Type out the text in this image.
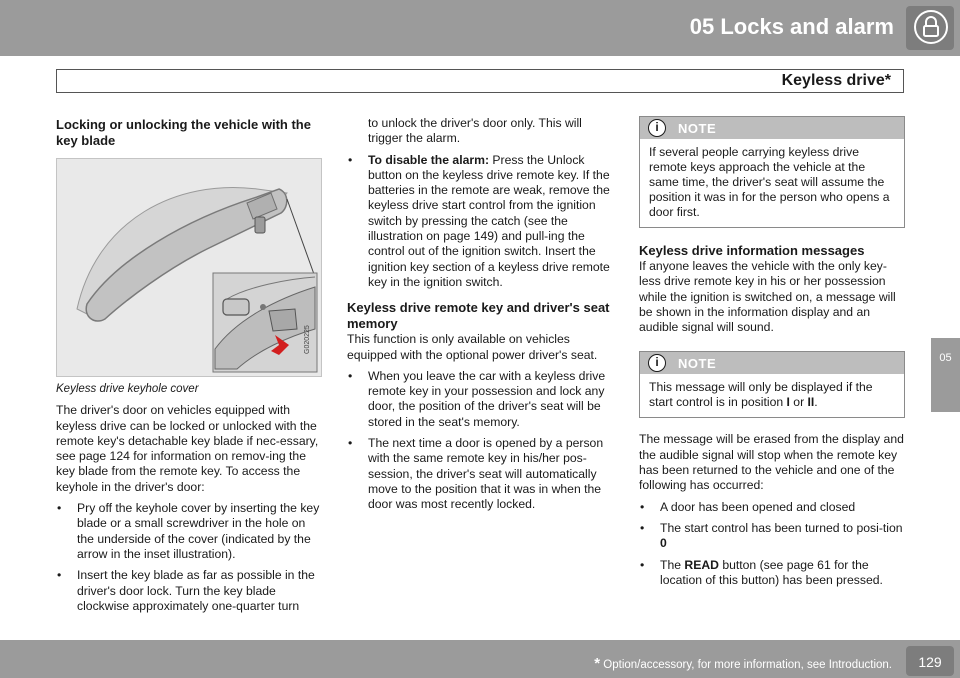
05 Locks and alarm
Keyless drive*
05
Locking or unlocking the vehicle with the key blade
G020225

Keyless drive keyhole cover

The driver's door on vehicles equipped with keyless drive can be locked or unlocked with the remote key's detachable key blade if nec-essary, see page 124 for information on remov-ing the key blade from the remote key. To access the keyhole in the driver's door:

• Pry off the keyhole cover by inserting the key blade or a small screwdriver in the hole on the underside of the cover (indicated by the arrow in the inset illustration).
• Insert the key blade as far as possible in the driver's door lock. Turn the key blade clockwise approximately one-quarter turn

to unlock the driver's door only. This will trigger the alarm.

• To disable the alarm: Press the Unlock button on the keyless drive remote key. If the batteries in the remote are weak, remove the keyless drive start control from the ignition switch by pressing the catch (see the illustration on page 149) and pull-ing the control out of the ignition switch. Insert the ignition key section of a keyless drive remote key in the ignition switch.
Keyless drive remote key and driver's seat memory

This function is only available on vehicles equipped with the optional power driver's seat.

• When you leave the car with a keyless drive remote key in your possession and lock any door, the position of the driver's seat will be stored in the seat's memory.
• The next time a door is opened by a person with the same remote key in his/her pos-session, the driver's seat will automatically move to the position that it was in when the door was most recently locked.
i	NOTE
If several people carrying keyless drive remote keys approach the vehicle at the same time, the driver's seat will assume the position it was in for the person who opens a door first.
Keyless drive information messages

If anyone leaves the vehicle with the only key-less drive remote key in his or her possession while the ignition is switched on, a message will be shown in the information display and an audible signal will sound.

i	NOTE
This message will only be displayed if the start control is in position I or II.

The message will be erased from the display and the audible signal will stop when the remote key has been returned to the vehicle and one of the following has occurred:

• A door has been opened and closed
• The start control has been turned to posi-tion 0
• The READ button (see page 61 for the location of this button) has been pressed.
* Option/accessory, for more information, see Introduction.	129
